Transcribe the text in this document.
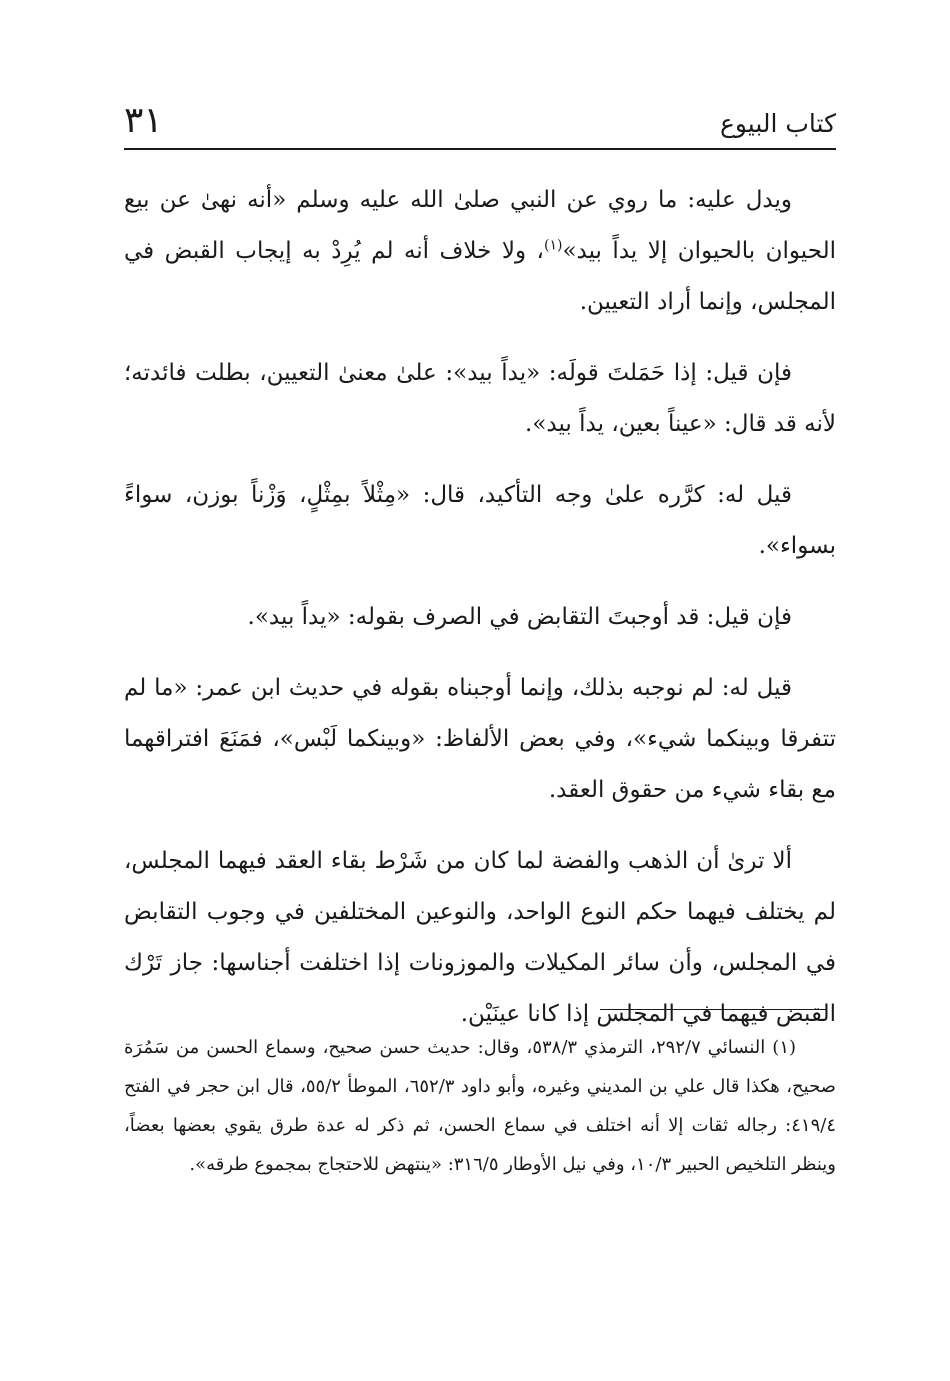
٣١	كتاب البيوع

ويدل عليه: ما روي عن النبي صلىٰ الله عليه وسلم «أنه نهىٰ عن بيع الحيوان بالحيوان إلا يداً بيد»$^{(١)}$، ولا خلاف أنه لم يُرِدْ به إيجاب القبض في المجلس، وإنما أراد التعيين.

فإن قيل: إذا حَمَلتَ قولَه: «يداً بيد»: علىٰ معنىٰ التعيين، بطلت فائدته؛ لأنه قد قال: «عيناً بعين، يداً بيد».

قيل له: كرَّره علىٰ وجه التأكيد، قال: «مِثْلاً بمِثْلٍ، وَزْناً بوزن، سواءً بسواء».

فإن قيل: قد أوجبتَ التقابض في الصرف بقوله: «يداً بيد».

قيل له: لم نوجبه بذلك، وإنما أوجبناه بقوله في حديث ابن عمر: «ما لم تتفرقا وبينكما شيء»، وفي بعض الألفاظ: «وبينكما لَبْس»، فمَنَعَ افتراقهما مع بقاء شيء من حقوق العقد.

ألا ترىٰ أن الذهب والفضة لما كان من شَرْط بقاء العقد فيهما المجلس، لم يختلف فيهما حكم النوع الواحد، والنوعين المختلفين في وجوب التقابض في المجلس، وأن سائر المكيلات والموزونات إذا اختلفت أجناسها: جاز تَرْك القبض فيهما في المجلس إذا كانا عينَيْن.

(١) النسائي ٢٩٢/٧، الترمذي ٥٣٨/٣، وقال: حديث حسن صحيح، وسماع الحسن من سَمُرَة صحيح، هكذا قال علي بن المديني وغيره، وأبو داود ٦٥٢/٣، الموطأ ٥٥/٢، قال ابن حجر في الفتح ٤١٩/٤: رجاله ثقات إلا أنه اختلف في سماع الحسن، ثم ذكر له عدة طرق يقوي بعضها بعضاً، وينظر التلخيص الحبير ١٠/٣، وفي نيل الأوطار ٣١٦/٥: «ينتهض للاحتجاج بمجموع طرقه».
